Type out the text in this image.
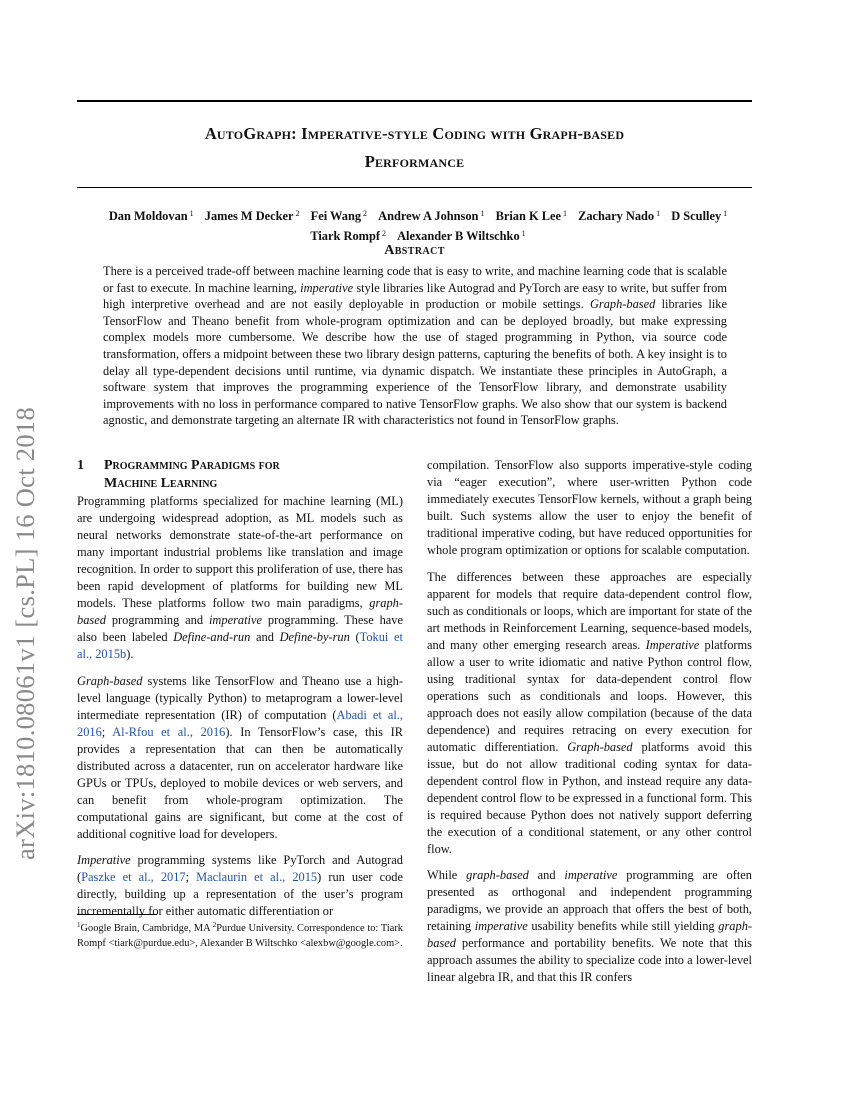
arXiv:1810.08061v1 [cs.PL] 16 Oct 2018
AutoGraph: Imperative-style Coding with Graph-based
Performance
Dan Moldovan $^1$ James M Decker $^2$ Fei Wang $^2$ Andrew A Johnson $^1$ Brian K Lee $^1$ Zachary Nado $^1$ D Sculley $^1$
Tiark Rompf $^2$ Alexander B Wiltschko $^1$
Abstract

There is a perceived trade-off between machine learning code that is easy to write, and machine learning code that is scalable or fast to execute. In machine learning, imperative style libraries like Autograd and PyTorch are easy to write, but suffer from high interpretive overhead and are not easily deployable in production or mobile settings. Graph-based libraries like TensorFlow and Theano benefit from whole-program optimization and can be deployed broadly, but make expressing complex models more cumbersome. We describe how the use of staged programming in Python, via source code transformation, offers a midpoint between these two library design patterns, capturing the benefits of both. A key insight is to delay all type-dependent decisions until runtime, via dynamic dispatch. We instantiate these principles in AutoGraph, a software system that improves the programming experience of the TensorFlow library, and demonstrate usability improvements with no loss in performance compared to native TensorFlow graphs. We also show that our system is backend agnostic, and demonstrate targeting an alternate IR with characteristics not found in TensorFlow graphs.

1	Programming Paradigms for
Machine Learning

Programming platforms specialized for machine learning (ML) are undergoing widespread adoption, as ML models such as neural networks demonstrate state-of-the-art performance on many important industrial problems like translation and image recognition. In order to support this proliferation of use, there has been rapid development of platforms for building new ML models. These platforms follow two main paradigms, graph-based programming and imperative programming. These have also been labeled Define-and-run and Define-by-run (Tokui et al., 2015b).

Graph-based systems like TensorFlow and Theano use a high-level language (typically Python) to metaprogram a lower-level intermediate representation (IR) of computation (Abadi et al., 2016; Al-Rfou et al., 2016). In TensorFlow’s case, this IR provides a representation that can then be automatically distributed across a datacenter, run on accelerator hardware like GPUs or TPUs, deployed to mobile devices or web servers, and can benefit from whole-program optimization. The computational gains are significant, but come at the cost of additional cognitive load for developers.

Imperative programming systems like PyTorch and Autograd (Paszke et al., 2017; Maclaurin et al., 2015) run user code directly, building up a representation of the user’s program incrementally for either automatic differentiation or

$^1$Google Brain, Cambridge, MA $^2$Purdue University. Correspondence to: Tiark Rompf <tiark@purdue.edu>, Alexander B Wiltschko <alexbw@google.com>.

compilation. TensorFlow also supports imperative-style coding via “eager execution”, where user-written Python code immediately executes TensorFlow kernels, without a graph being built. Such systems allow the user to enjoy the benefit of traditional imperative coding, but have reduced opportunities for whole program optimization or options for scalable computation.

The differences between these approaches are especially apparent for models that require data-dependent control flow, such as conditionals or loops, which are important for state of the art methods in Reinforcement Learning, sequence-based models, and many other emerging research areas. Imperative platforms allow a user to write idiomatic and native Python control flow, using traditional syntax for data-dependent control flow operations such as conditionals and loops. However, this approach does not easily allow compilation (because of the data dependence) and requires retracing on every execution for automatic differentiation. Graph-based platforms avoid this issue, but do not allow traditional coding syntax for data-dependent control flow in Python, and instead require any data-dependent control flow to be expressed in a functional form. This is required because Python does not natively support deferring the execution of a conditional statement, or any other control flow.

While graph-based and imperative programming are often presented as orthogonal and independent programming paradigms, we provide an approach that offers the best of both, retaining imperative usability benefits while still yielding graph-based performance and portability benefits. We note that this approach assumes the ability to specialize code into a lower-level linear algebra IR, and that this IR confers
